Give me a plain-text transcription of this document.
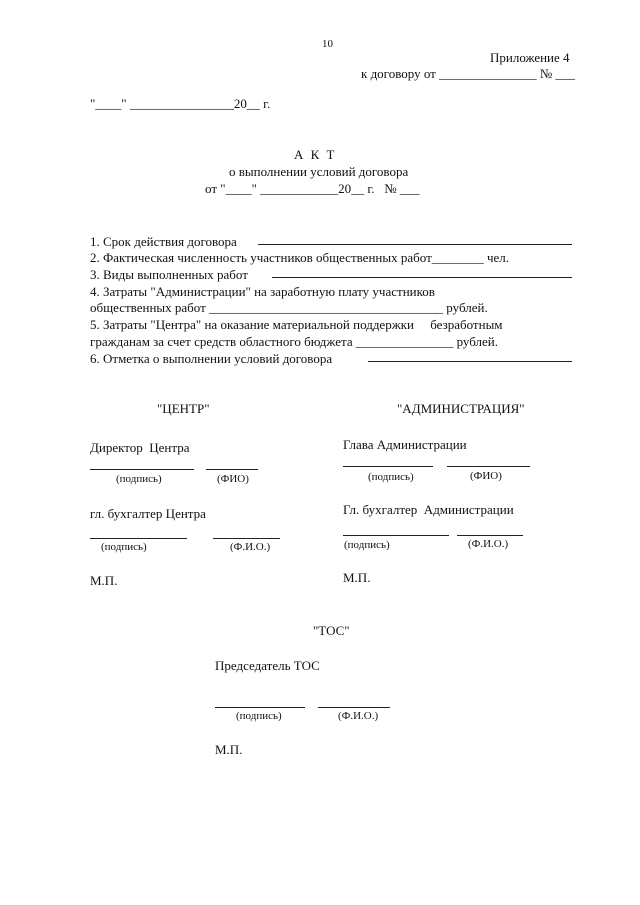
10
Приложение 4
к договору от _______________ № ___
"____" ________________20__ г.
А К Т
о выполнении условий договора
от "____" ____________20__ г.   № ___
1. Срок действия договора
2. Фактическая численность участников общественных работ________ чел.
3. Виды выполненных работ
4. Затраты "Администрации" на заработную плату участников
общественных работ ____________________________________ рублей.
5. Затраты "Центра" на оказание материальной поддержки     безработным
гражданам за счет средств областного бюджета _______________ рублей.
6. Отметка о выполнении условий договора
"ЦЕНТР"
Директор  Центра
(подпись)	(ФИО)
гл. бухгалтер Центра
(подпись)	(Ф.И.О.)
М.П.
"АДМИНИСТРАЦИЯ"
Глава Администрации
(подпись)	(ФИО)
Гл. бухгалтер  Администрации
(подпись)	(Ф.И.О.)
М.П.
"ТОС"
Председатель ТОС
(подпись)	(Ф.И.О.)
М.П.
